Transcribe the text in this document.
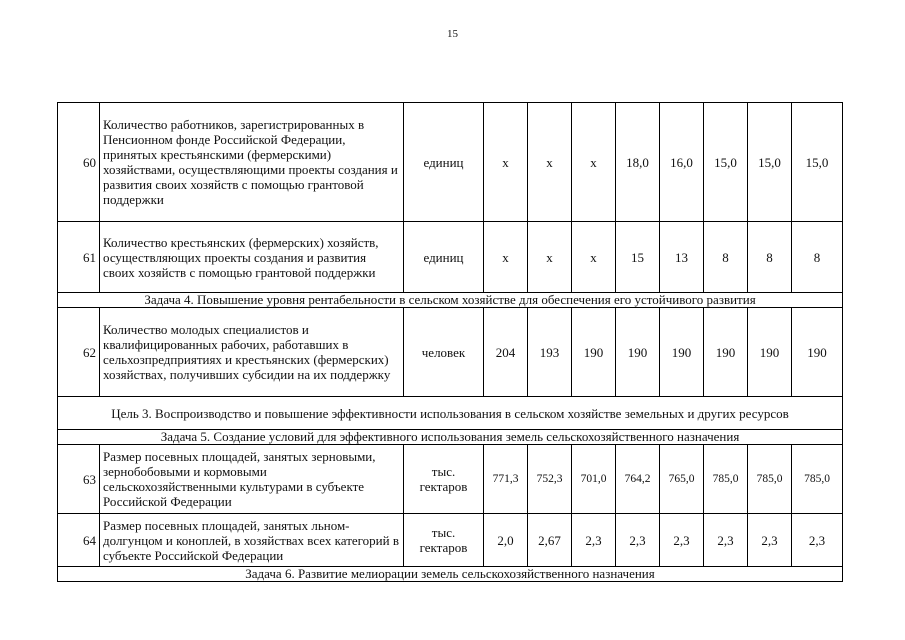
15
60	Количество работников, зарегистрированных в Пенсионном фонде Российской Федерации, принятых крестьянскими (фермерскими) хозяйствами, осуществляющими проекты создания и развития своих хозяйств с помощью грантовой поддержки	единиц	х	х	х	18,0	16,0	15,0	15,0	15,0
61	Количество крестьянских (фермерских) хозяйств, осуществляющих проекты создания и развития своих хозяйств с помощью грантовой поддержки	единиц	х	х	х	15	13	8	8	8
Задача 4. Повышение уровня рентабельности в сельском хозяйстве для обеспечения его устойчивого развития										
62	Количество молодых специалистов и квалифицированных рабочих, работавших в сельхозпредприятиях и крестьянских (фермерских) хозяйствах, получивших субсидии на их поддержку	человек	204	193	190	190	190	190	190	190
Цель 3. Воспроизводство и повышение эффективности использования в сельском хозяйстве земельных и других ресурсов										
Задача 5. Создание условий для эффективного использования земель сельскохозяйственного назначения										
63	Размер посевных площадей, занятых зерновыми, зернобобовыми и кормовыми сельскохозяйственными культурами в субъекте Российской Федерации	тыс. гектаров	771,3	752,3	701,0	764,2	765,0	785,0	785,0	785,0
64	Размер посевных площадей, занятых льном-долгунцом и коноплей, в хозяйствах всех категорий в субъекте Российской Федерации	тыс. гектаров	2,0	2,67	2,3	2,3	2,3	2,3	2,3	2,3
Задача 6. Развитие мелиорации земель сельскохозяйственного назначения										
